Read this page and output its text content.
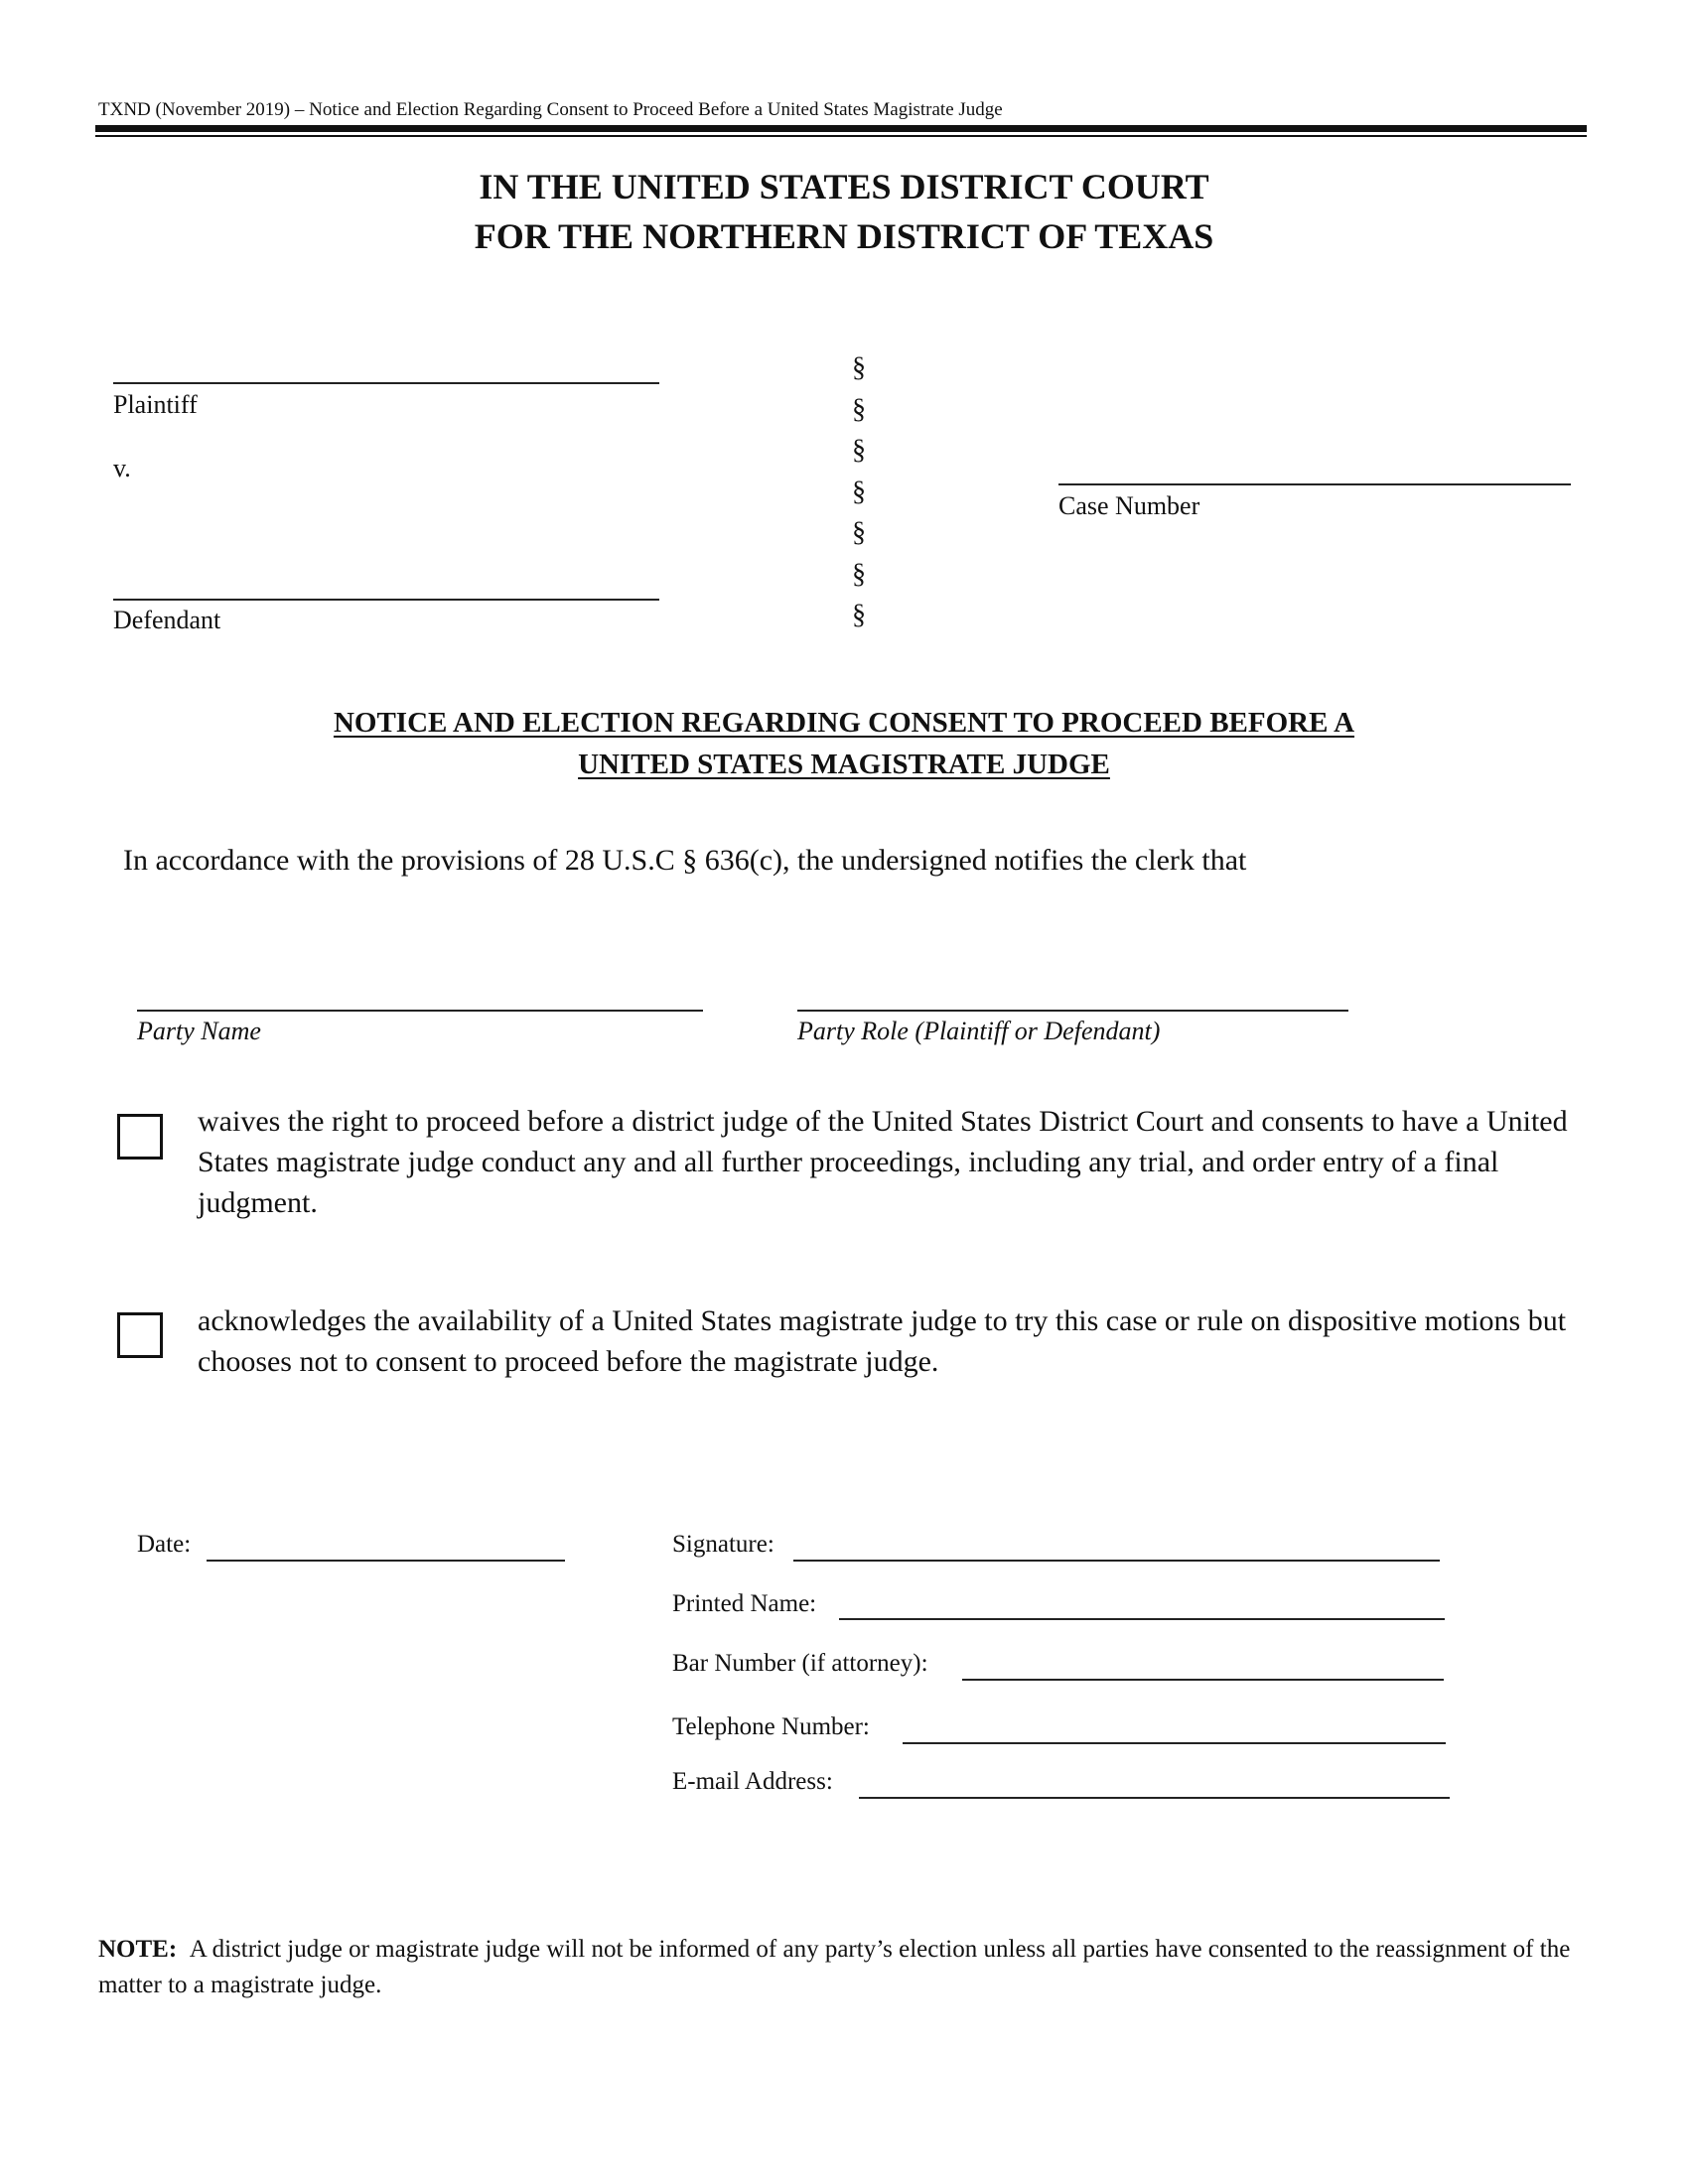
TXND (November 2019) – Notice and Election Regarding Consent to Proceed Before a United States Magistrate Judge
IN THE UNITED STATES DISTRICT COURT
FOR THE NORTHERN DISTRICT OF TEXAS
Plaintiff
v.
Defendant
§
§
§
§
§
§
§
Case Number
NOTICE AND ELECTION REGARDING CONSENT TO PROCEED BEFORE A
UNITED STATES MAGISTRATE JUDGE
In accordance with the provisions of 28 U.S.C § 636(c), the undersigned notifies the clerk that
Party Name	Party Role (Plaintiff or Defendant)
waives the right to proceed before a district judge of the United States District Court and consents to have a United States magistrate judge conduct any and all further proceedings, including any trial, and order entry of a final judgment.
acknowledges the availability of a United States magistrate judge to try this case or rule on dispositive motions but chooses not to consent to proceed before the magistrate judge.
Date:	Signature:
Printed Name:
Bar Number (if attorney):
Telephone Number:
E-mail Address:
NOTE: A district judge or magistrate judge will not be informed of any party’s election unless all parties have consented to the reassignment of the matter to a magistrate judge.
